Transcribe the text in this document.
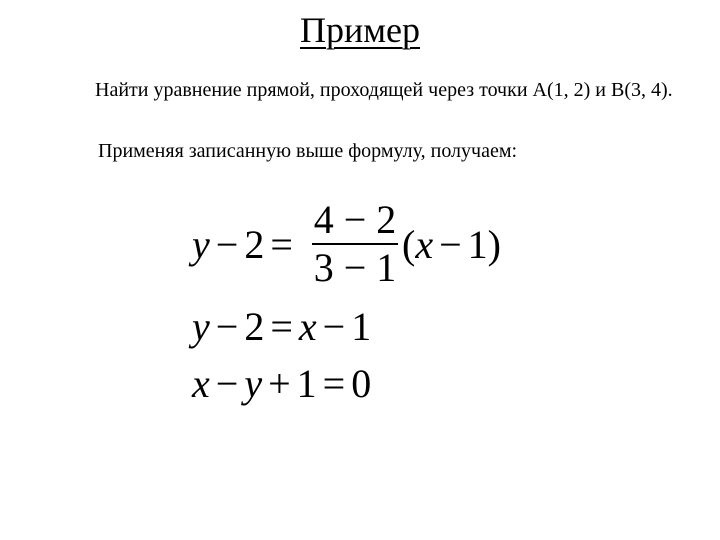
Пример
Найти уравнение прямой, проходящей через точки A(1, 2) и B(3, 4).
Применяя записанную выше формулу, получаем:
y − 2 =
4 − 2
3 − 1
(x − 1)
y − 2 = x − 1
x − y + 1 = 0
